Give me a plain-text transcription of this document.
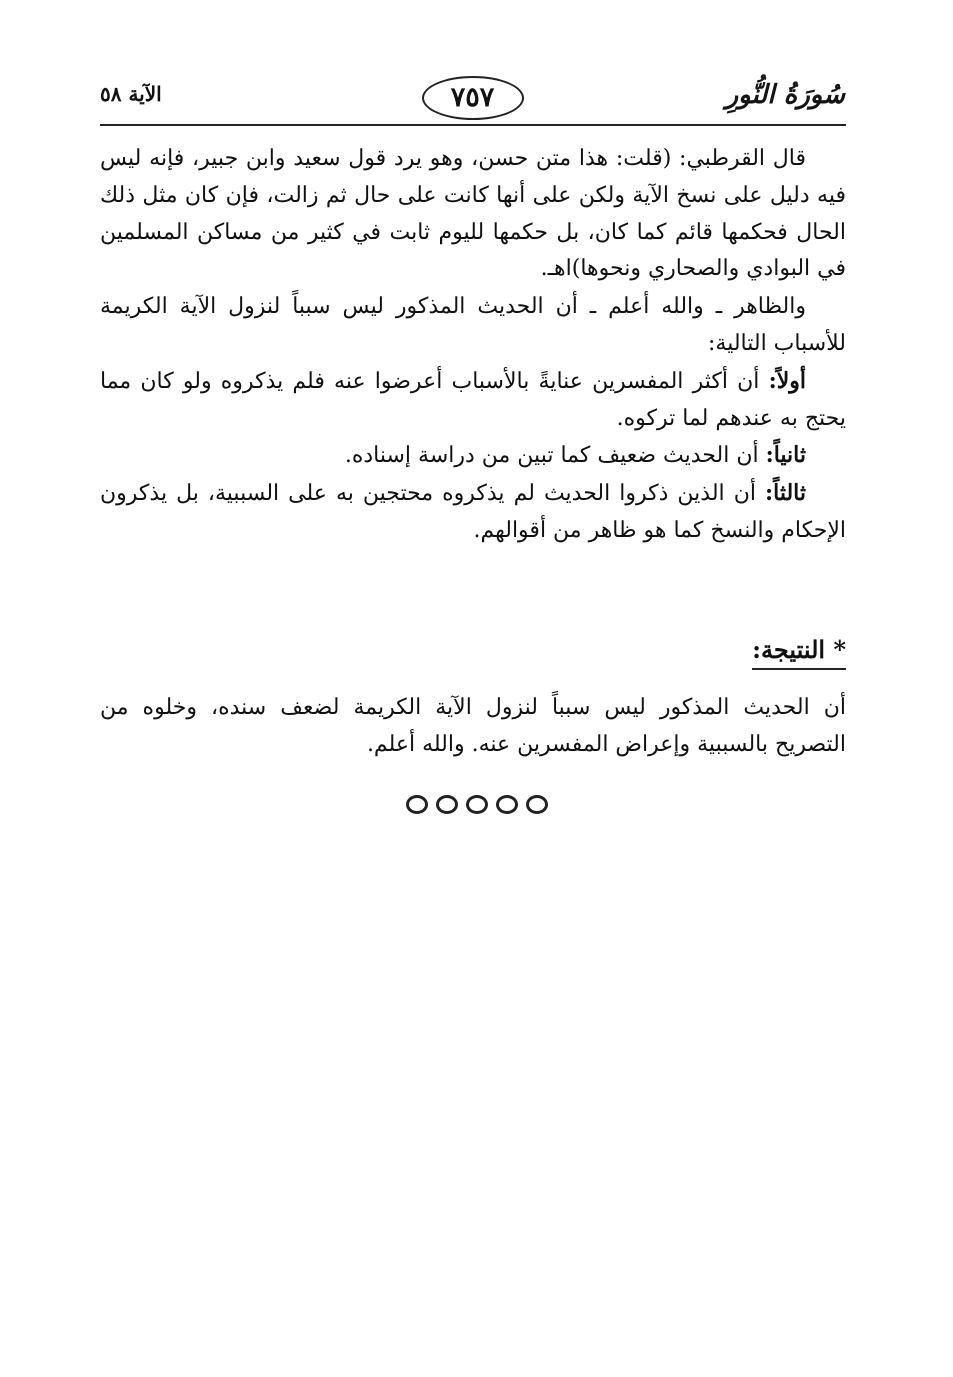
سُورَةُ النُّورِ
٧٥٧
الآية ٥٨

قال القرطبي: (قلت: هذا متن حسن، وهو يرد قول سعيد وابن جبير، فإنه ليس فيه دليل على نسخ الآية ولكن على أنها كانت على حال ثم زالت، فإن كان مثل ذلك الحال فحكمها قائم كما كان، بل حكمها لليوم ثابت في كثير من مساكن المسلمين في البوادي والصحاري ونحوها)اهـ.

والظاهر ـ والله أعلم ـ أن الحديث المذكور ليس سبباً لنزول الآية الكريمة للأسباب التالية:

أولاً: أن أكثر المفسرين عنايةً بالأسباب أعرضوا عنه فلم يذكروه ولو كان مما يحتج به عندهم لما تركوه.

ثانياً: أن الحديث ضعيف كما تبين من دراسة إسناده.

ثالثاً: أن الذين ذكروا الحديث لم يذكروه محتجين به على السببية، بل يذكرون الإحكام والنسخ كما هو ظاهر من أقوالهم.

* النتيجة:
أن الحديث المذكور ليس سبباً لنزول الآية الكريمة لضعف سنده، وخلوه من التصريح بالسببية وإعراض المفسرين عنه. والله أعلم.
